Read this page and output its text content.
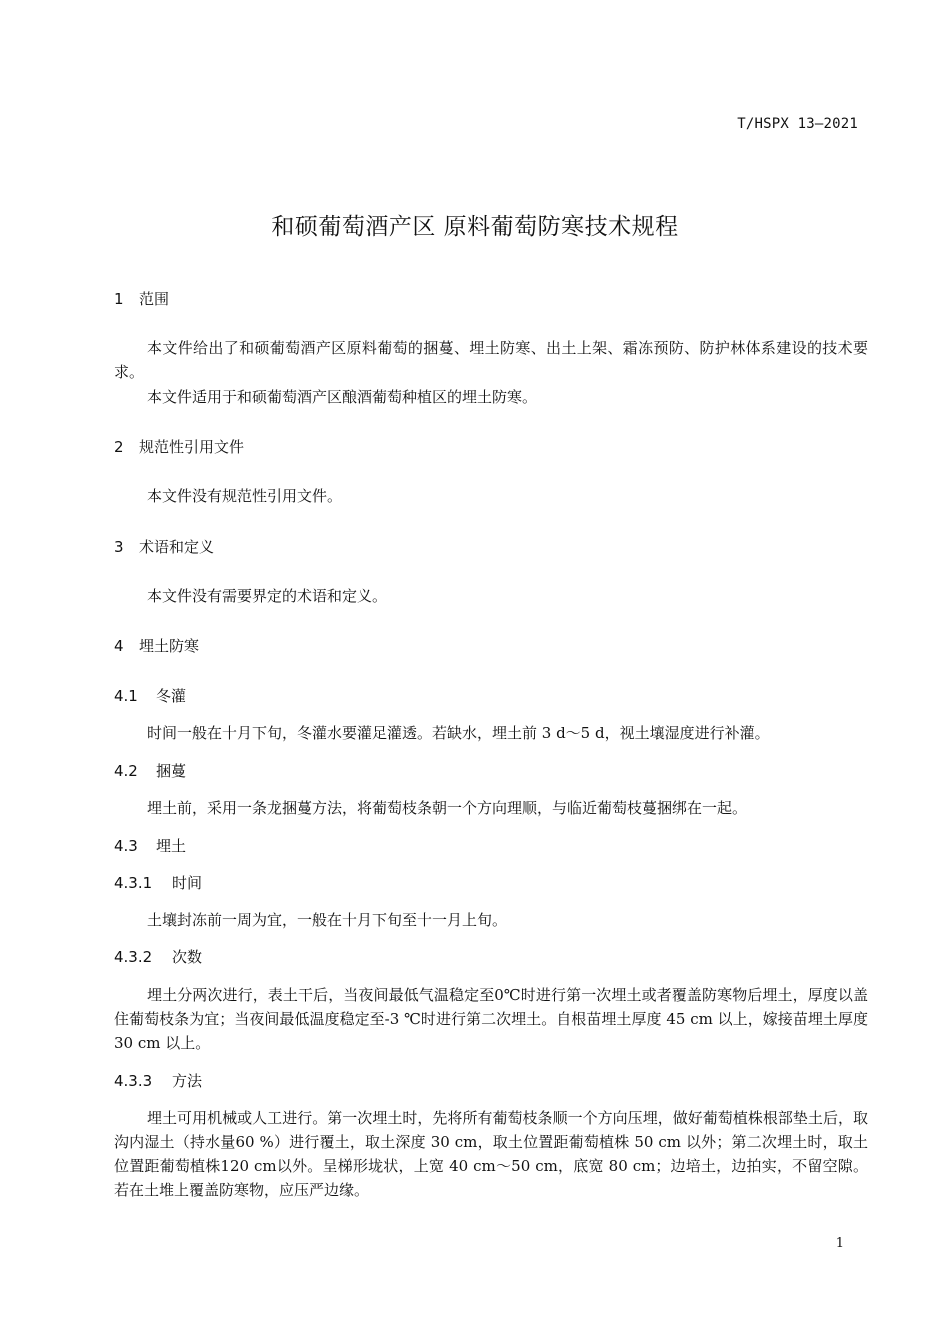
T/HSPX 13—2021
和硕葡萄酒产区 原料葡萄防寒技术规程
1 范围
本文件给出了和硕葡萄酒产区原料葡萄的捆蔓、埋土防寒、出土上架、霜冻预防、防护林体系建设的技术要求。
本文件适用于和硕葡萄酒产区酿酒葡萄种植区的埋土防寒。
2 规范性引用文件
本文件没有规范性引用文件。
3 术语和定义
本文件没有需要界定的术语和定义。
4 埋土防寒
4.1 冬灌
时间一般在十月下旬，冬灌水要灌足灌透。若缺水，埋土前 3 d～5 d，视土壤湿度进行补灌。
4.2 捆蔓
埋土前，采用一条龙捆蔓方法，将葡萄枝条朝一个方向理顺，与临近葡萄枝蔓捆绑在一起。
4.3 埋土
4.3.1 时间
土壤封冻前一周为宜，一般在十月下旬至十一月上旬。
4.3.2 次数
埋土分两次进行，表土干后，当夜间最低气温稳定至0℃时进行第一次埋土或者覆盖防寒物后埋土，厚度以盖住葡萄枝条为宜；当夜间最低温度稳定至-3 ℃时进行第二次埋土。自根苗埋土厚度 45 cm 以上，嫁接苗埋土厚度 30 cm 以上。
4.3.3 方法
埋土可用机械或人工进行。第一次埋土时，先将所有葡萄枝条顺一个方向压埋，做好葡萄植株根部垫土后，取沟内湿土（持水量60 %）进行覆土，取土深度 30 cm，取土位置距葡萄植株 50 cm 以外；第二次埋土时，取土位置距葡萄植株120 cm以外。呈梯形垅状，上宽 40 cm～50 cm，底宽 80 cm；边培土，边拍实，不留空隙。若在土堆上覆盖防寒物，应压严边缘。
1
